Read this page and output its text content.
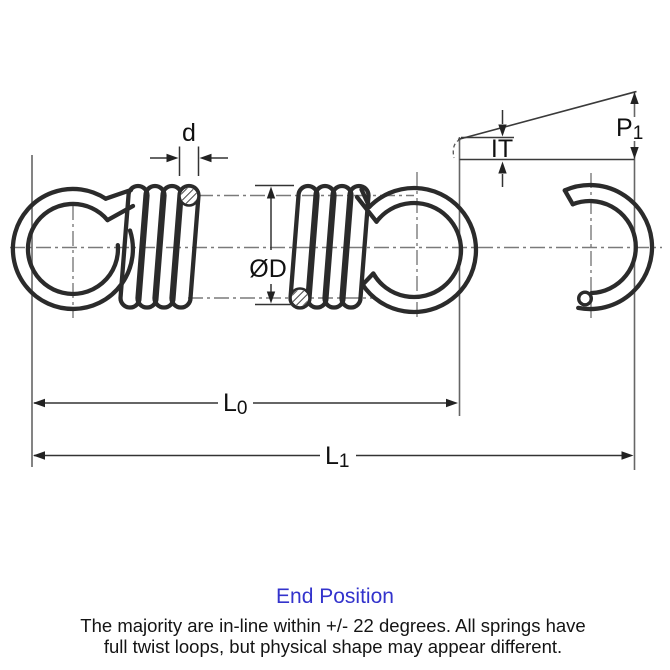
d
ØD
IT
P1
L0
L1
End Position
The majority are in-line within +/- 22 degrees. All springs have
full twist loops, but physical shape may appear different.
